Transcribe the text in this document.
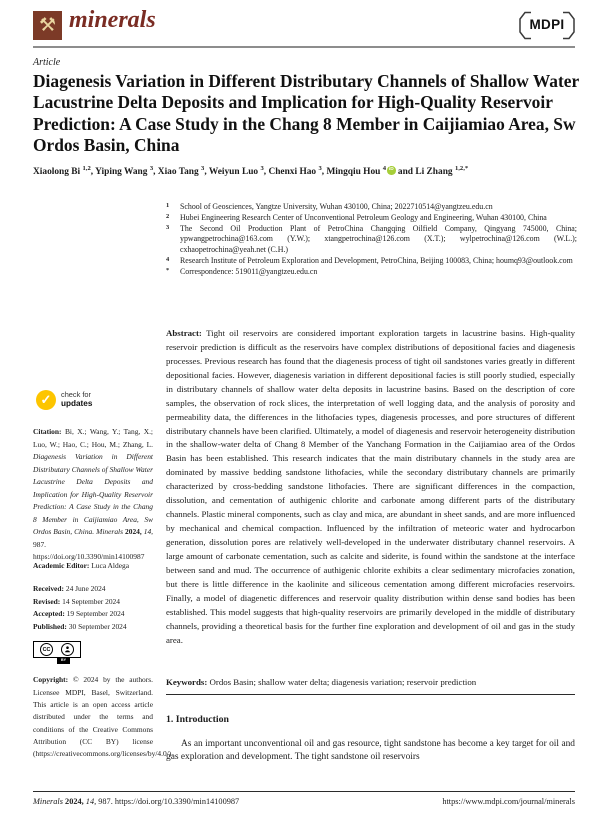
⚒ minerals	MDPI
Article
Diagenesis Variation in Different Distributary Channels of Shallow Water Lacustrine Delta Deposits and Implication for High-Quality Reservoir Prediction: A Case Study in the Chang 8 Member in Caijiamiao Area, Sw Ordos Basin, China
Xiaolong Bi $^{1,2}$, Yiping Wang $^3$, Xiao Tang $^3$, Weiyun Luo $^3$, Chenxi Hao $^3$, Mingqiu Hou $^4$ iD and Li Zhang $^{1,2,*}$
1	School of Geosciences, Yangtze University, Wuhan 430100, China; 2022710514@yangtzeu.edu.cn
2	Hubei Engineering Research Center of Unconventional Petroleum Geology and Engineering, Wuhan 430100, China
3	The Second Oil Production Plant of PetroChina Changqing Oilfield Company, Qingyang 745000, China; ypwangpetrochina@163.com (Y.W.); xtangpetrochina@126.com (X.T.); wylpetrochina@126.com (W.L.); cxhaopetrochina@yeah.net (C.H.)
4	Research Institute of Petroleum Exploration and Development, PetroChina, Beijing 100083, China; houmq93@outlook.com
*	Correspondence: 519011@yangtzeu.edu.cn

Abstract: Tight oil reservoirs are considered important exploration targets in lacustrine basins. High-quality reservoir prediction is difficult as the reservoirs have complex distributions of depositional facies and diagenesis processes. Previous research has found that the diagenesis process of tight oil sandstones varies greatly in different depositional facies. However, diagenesis variation in different depositional facies is still poorly studied, especially in distributary channels of shallow water delta deposits in lacustrine basins. Based on the description of core samples, the observation of rock slices, the interpretation of well logging data, and the analysis of porosity and permeability data, the differences in the lithofacies types, diagenesis processes, and pore structures of different distributary channels have been clarified. Ultimately, a model of diagenesis and reservoir heterogeneity distribution in the shallow-water delta of Chang 8 Member of the Yanchang Formation in the Caijiamiao area of the Ordos Basin has been established. This research indicates that the main distributary channels in the study area are dominated by massive bedding sandstone lithofacies, while the secondary distributary channels are primarily characterized by cross-bedding sandstone lithofacies. There are significant differences in the compaction, dissolution, and cementation of authigenic chlorite and carbonate among different parts of the distributary channels. Plastic mineral components, such as clay and mica, are abundant in sheet sands, and are more influenced by mechanical and chemical compaction. Influenced by the infiltration of meteoric water and hydrocarbon generation, dissolution pores are relatively well-developed in the underwater distributary channel reservoirs. A large amount of carbonate cementation, such as calcite and siderite, is found within the sandstone at the interface between sand and mud. The occurrence of authigenic chlorite exhibits a clear sedimentary microfacies zonation, but there is little difference in the kaolinite and siliceous cementation among different microfacies reservoirs. Finally, a model of diagenetic differences and reservoir quality distribution within dense sand bodies has been established. This model suggests that high-quality reservoirs are primarily developed in the middle of distributary channels, providing a theoretical basis for the further fine exploration and development of oil and gas in the study area.

Keywords: Ordos Basin; shallow water delta; diagenesis variation; reservoir prediction

1. Introduction

As an important unconventional oil and gas resource, tight sandstone has become a key target for oil and gas exploration and development. The tight sandstone oil reservoirs

✓	check for
updates

Citation: Bi, X.; Wang, Y.; Tang, X.; Luo, W.; Hao, C.; Hou, M.; Zhang, L. Diagenesis Variation in Different Distributary Channels of Shallow Water Lacustrine Delta Deposits and Implication for High-Quality Reservoir Prediction: A Case Study in the Chang 8 Member in Caijiamiao Area, Sw Ordos Basin, China. Minerals 2024, 14, 987. https://doi.org/10.3390/min14100987

Academic Editor: Luca Aldega
Received: 24 June 2024
Revised: 14 September 2024
Accepted: 19 September 2024
Published: 30 September 2024
CC
BY

Copyright: © 2024 by the authors. Licensee MDPI, Basel, Switzerland. This article is an open access article distributed under the terms and conditions of the Creative Commons Attribution (CC BY) license (https://creativecommons.org/licenses/by/4.0/).

Minerals 2024, 14, 987. https://doi.org/10.3390/min14100987	https://www.mdpi.com/journal/minerals
